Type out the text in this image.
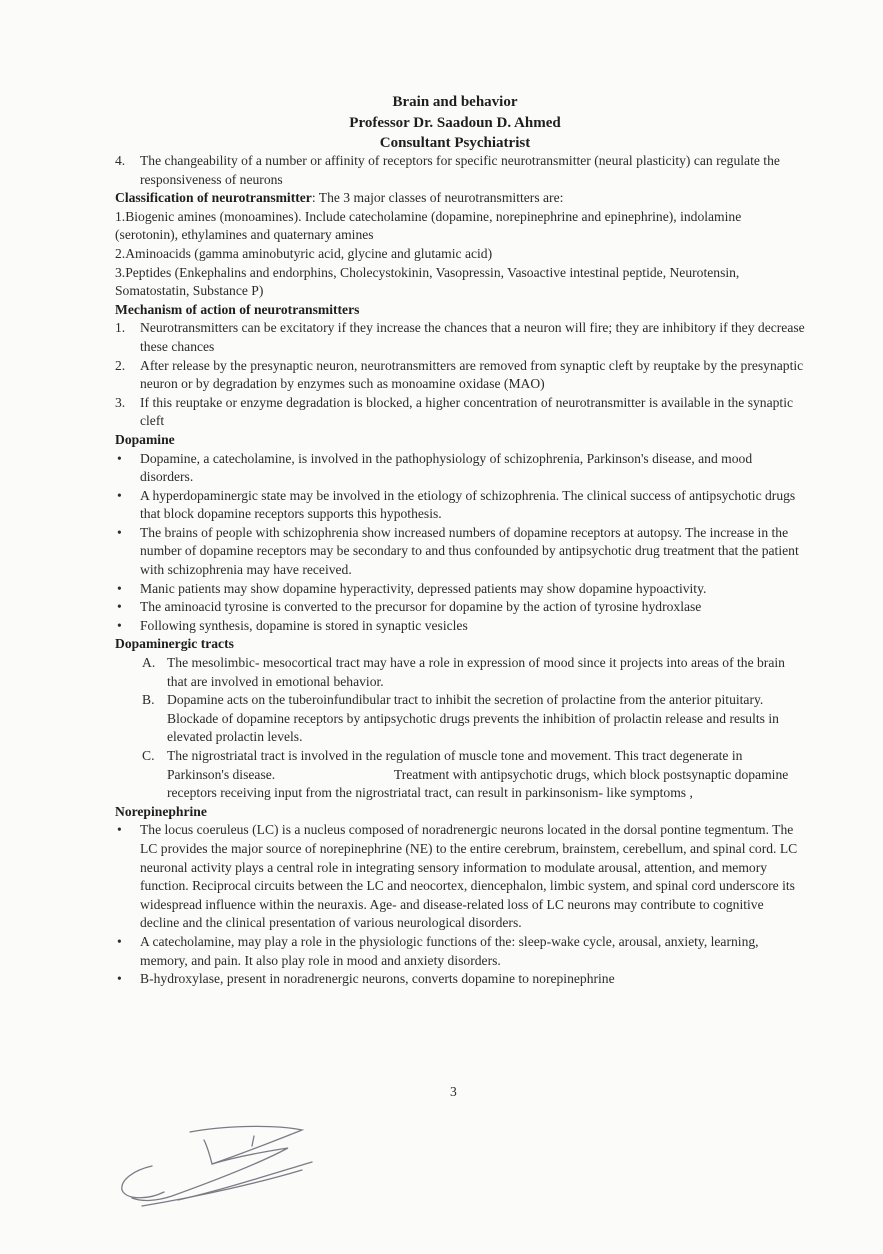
Brain and behavior
Professor Dr. Saadoun D. Ahmed
Consultant Psychiatrist
4. The changeability of a number or affinity of receptors for specific neurotransmitter (neural plasticity) can regulate the responsiveness of neurons

Classification of neurotransmitter: The 3 major classes of neurotransmitters are:

1.Biogenic amines (monoamines). Include catecholamine (dopamine, norepinephrine and epinephrine), indolamine (serotonin), ethylamines and quaternary amines

2.Aminoacids (gamma aminobutyric acid, glycine and glutamic acid)

3.Peptides (Enkephalins and endorphins, Cholecystokinin, Vasopressin, Vasoactive intestinal peptide, Neurotensin, Somatostatin, Substance P)

Mechanism of action of neurotransmitters

1. Neurotransmitters can be excitatory if they increase the chances that a neuron will fire; they are inhibitory if they decrease these chances
2. After release by the presynaptic neuron, neurotransmitters are removed from synaptic cleft by reuptake by the presynaptic neuron or by degradation by enzymes such as monoamine oxidase (MAO)
3. If this reuptake or enzyme degradation is blocked, a higher concentration of neurotransmitter is available in the synaptic cleft

Dopamine

• Dopamine, a catecholamine, is involved in the pathophysiology of schizophrenia, Parkinson's disease, and mood disorders.
• A hyperdopaminergic state may be involved in the etiology of schizophrenia. The clinical success of antipsychotic drugs that block dopamine receptors supports this hypothesis.
• The brains of people with schizophrenia show increased numbers of dopamine receptors at autopsy. The increase in the number of dopamine receptors may be secondary to and thus confounded by antipsychotic drug treatment that the patient with schizophrenia may have received.
• Manic patients may show dopamine hyperactivity, depressed patients may show dopamine hypoactivity.
• The aminoacid tyrosine is converted to the precursor for dopamine by the action of tyrosine hydroxlase
• Following synthesis, dopamine is stored in synaptic vesicles

Dopaminergic tracts

A. The mesolimbic- mesocortical tract may have a role in expression of mood since it projects into areas of the brain that are involved in emotional behavior.
B. Dopamine acts on the tuberoinfundibular tract to inhibit the secretion of prolactine from the anterior pituitary. Blockade of dopamine receptors by antipsychotic drugs prevents the inhibition of prolactin release and results in elevated prolactin levels.
C. The nigrostriatal tract is involved in the regulation of muscle tone and movement. This tract degenerate in Parkinson's disease.                                   Treatment with antipsychotic drugs, which block postsynaptic dopamine receptors receiving input from the nigrostriatal tract, can result in parkinsonism- like symptoms ,

Norepinephrine

• The locus coeruleus (LC) is a nucleus composed of noradrenergic neurons located in the dorsal pontine tegmentum. The LC provides the major source of norepinephrine (NE) to the entire cerebrum, brainstem, cerebellum, and spinal cord. LC neuronal activity plays a central role in integrating sensory information to modulate arousal, attention, and memory function. Reciprocal circuits between the LC and neocortex, diencephalon, limbic system, and spinal cord underscore its widespread influence within the neuraxis. Age- and disease-related loss of LC neurons may contribute to cognitive decline and the clinical presentation of various neurological disorders.
• A catecholamine, may play a role in the physiologic functions of the: sleep-wake cycle, arousal, anxiety, learning, memory, and pain. It also play role in mood and anxiety disorders.
• B-hydroxylase, present in noradrenergic neurons, converts dopamine to norepinephrine
3
